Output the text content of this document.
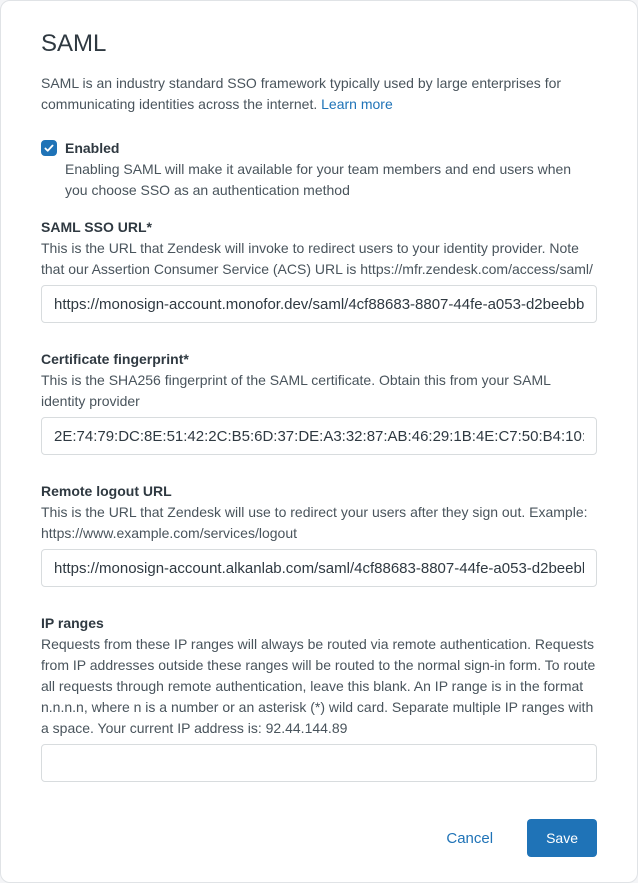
SAML

SAML is an industry standard SSO framework typically used by large enterprises for communicating identities across the internet. Learn more

Enabled
Enabling SAML will make it available for your team members and end users when you choose SSO as an authentication method
SAML SSO URL*

This is the URL that Zendesk will invoke to redirect users to your identity provider. Note that our Assertion Consumer Service (ACS) URL is https://mfr.zendesk.com/access/saml/

https://monosign-account.monofor.dev/saml/4cf88683-8807-44fe-a053-d2beebb
Certificate fingerprint*

This is the SHA256 fingerprint of the SAML certificate. Obtain this from your SAML identity provider

2E:74:79:DC:8E:51:42:2C:B5:6D:37:DE:A3:32:87:AB:46:29:1B:4E:C7:50:B4:10:63:B
Remote logout URL

This is the URL that Zendesk will use to redirect your users after they sign out. Example: https://www.example.com/services/logout

https://monosign-account.alkanlab.com/saml/4cf88683-8807-44fe-a053-d2beebb
IP ranges

Requests from these IP ranges will always be routed via remote authentication. Requests from IP addresses outside these ranges will be routed to the normal sign-in form. To route all requests through remote authentication, leave this blank. An IP range is in the format n.n.n.n, where n is a number or an asterisk (*) wild card. Separate multiple IP ranges with a space. Your current IP address is: 92.44.144.89

Cancel	Save
